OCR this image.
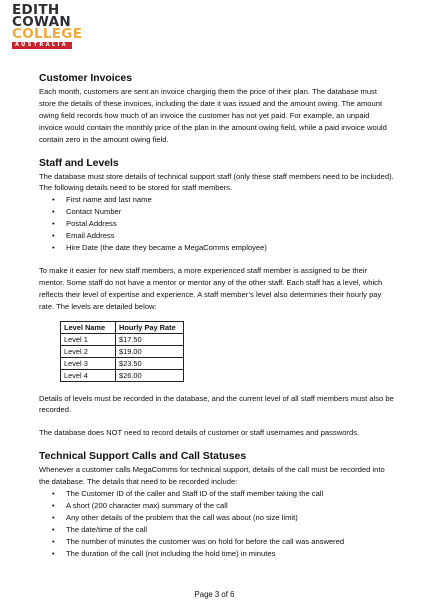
EDITH
COWAN
COLLEGE
AUSTRALIA
Customer Invoices

Each month, customers are sent an invoice charging them the price of their plan. The database must store the details of these invoices, including the date it was issued and the amount owing. The amount owing field records how much of an invoice the customer has not yet paid. For example, an unpaid invoice would contain the monthly price of the plan in the amount owing field, while a paid invoice would contain zero in the amount owing field.

Staff and Levels

The database must store details of technical support staff (only these staff members need to be included). The following details need to be stored for staff members.

• First name and last name
• Contact Number
• Postal Address
• Email Address
• Hire Date (the date they became a MegaComms employee)

To make it easier for new staff members, a more experienced staff member is assigned to be their mentor. Some staff do not have a mentor or mentor any of the other staff. Each staff has a level, which reflects their level of expertise and experience. A staff member’s level also determines their hourly pay rate. The levels are detailed below:

Level Name	Hourly Pay Rate
Level 1	$17.50
Level 2	$19.00
Level 3	$23.50
Level 4	$26.00

Details of levels must be recorded in the database, and the current level of all staff members must also be recorded.

The database does NOT need to record details of customer or staff usernames and passwords.

Technical Support Calls and Call Statuses

Whenever a customer calls MegaComms for technical support, details of the call must be recorded into the database. The details that need to be recorded include:

• The Customer ID of the caller and Staff ID of the staff member taking the call
• A short (200 character max) summary of the call
• Any other details of the problem that the call was about (no size limit)
• The date/time of the call
• The number of minutes the customer was on hold for before the call was answered
• The duration of the call (not including the hold time) in minutes
Page 3 of 6
